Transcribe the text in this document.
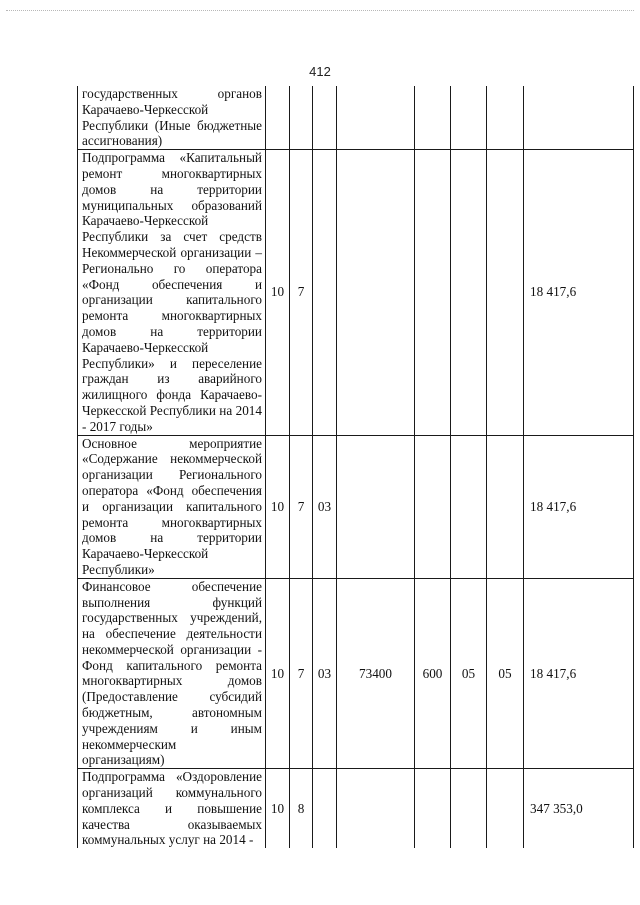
412
государственных органов Карачаево-Черкесской Республики (Иные бюджетные ассигнования)								
Подпрограмма «Капитальный ремонт многоквартирных домов на территории муниципальных образований Карачаево-Черкесской Республики за счет средств Некоммерческой организации – Регионально го оператора «Фонд обеспечения и организации капитального ремонта многоквартирных домов на территории Карачаево-Черкесской Республики» и переселение граждан из аварийного жилищного фонда Карачаево-Черкесской Республики на 2014 - 2017 годы»	10	7						18 417,6
Основное мероприятие «Содержание некоммерческой организации Регионального оператора «Фонд обеспечения и организации капитального ремонта многоквартирных домов на территории Карачаево-Черкесской Республики»	10	7	03					18 417,6
Финансовое обеспечение выполнения функций государственных учреждений, на обеспечение деятельности некоммерческой организации - Фонд капитального ремонта многоквартирных домов (Предоставление субсидий бюджетным, автономным учреждениям и иным некоммерческим организациям)	10	7	03	73400	600	05	05	18 417,6
Подпрограмма «Оздоровление организаций коммунального комплекса и повышение качества оказываемых коммунальных услуг на 2014 -	10	8						347 353,0
